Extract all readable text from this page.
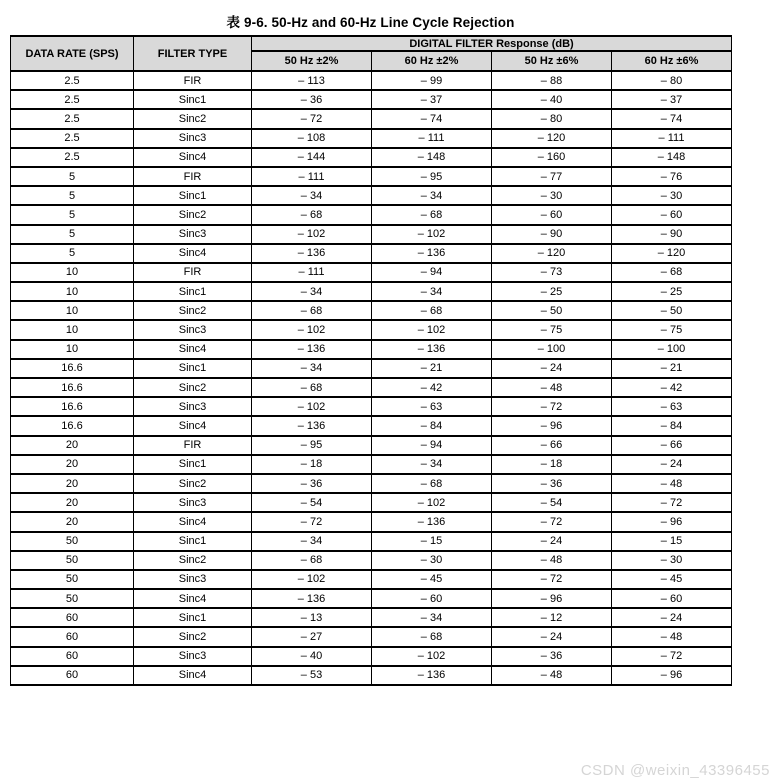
表 9-6. 50-Hz and 60-Hz Line Cycle Rejection
DATA RATE (SPS)	FILTER TYPE	DIGITAL FILTER Response (dB)			
		50 Hz ±2%	60 Hz ±2%	50 Hz ±6%	60 Hz ±6%
2.5	FIR	– 113	– 99	– 88	– 80
2.5	Sinc1	– 36	– 37	– 40	– 37
2.5	Sinc2	– 72	– 74	– 80	– 74
2.5	Sinc3	– 108	– 111	– 120	– 111
2.5	Sinc4	– 144	– 148	– 160	– 148
5	FIR	– 111	– 95	– 77	– 76
5	Sinc1	– 34	– 34	– 30	– 30
5	Sinc2	– 68	– 68	– 60	– 60
5	Sinc3	– 102	– 102	– 90	– 90
5	Sinc4	– 136	– 136	– 120	– 120
10	FIR	– 111	– 94	– 73	– 68
10	Sinc1	– 34	– 34	– 25	– 25
10	Sinc2	– 68	– 68	– 50	– 50
10	Sinc3	– 102	– 102	– 75	– 75
10	Sinc4	– 136	– 136	– 100	– 100
16.6	Sinc1	– 34	– 21	– 24	– 21
16.6	Sinc2	– 68	– 42	– 48	– 42
16.6	Sinc3	– 102	– 63	– 72	– 63
16.6	Sinc4	– 136	– 84	– 96	– 84
20	FIR	– 95	– 94	– 66	– 66
20	Sinc1	– 18	– 34	– 18	– 24
20	Sinc2	– 36	– 68	– 36	– 48
20	Sinc3	– 54	– 102	– 54	– 72
20	Sinc4	– 72	– 136	– 72	– 96
50	Sinc1	– 34	– 15	– 24	– 15
50	Sinc2	– 68	– 30	– 48	– 30
50	Sinc3	– 102	– 45	– 72	– 45
50	Sinc4	– 136	– 60	– 96	– 60
60	Sinc1	– 13	– 34	– 12	– 24
60	Sinc2	– 27	– 68	– 24	– 48
60	Sinc3	– 40	– 102	– 36	– 72
60	Sinc4	– 53	– 136	– 48	– 96
CSDN @weixin_43396455
